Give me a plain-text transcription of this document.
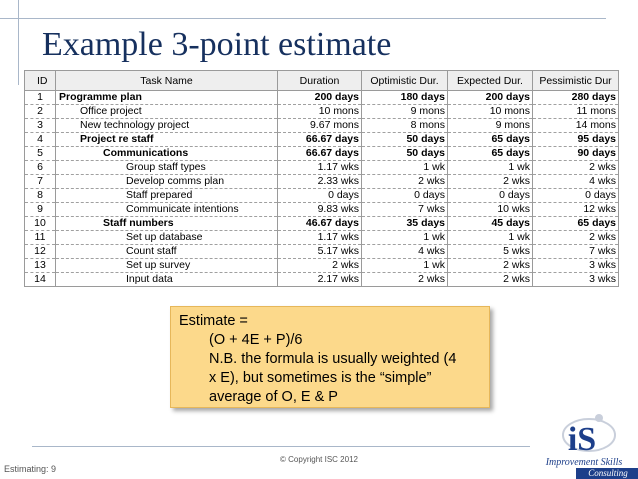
Example 3-point estimate
ID	Task Name	Duration	Optimistic Dur.	Expected Dur.	Pessimistic Dur
1	Programme plan	200 days	180 days	200 days	280 days
2	Office project	10 mons	9 mons	10 mons	11 mons
3	New technology project	9.67 mons	8 mons	9 mons	14 mons
4	Project re staff	66.67 days	50 days	65 days	95 days
5	Communications	66.67 days	50 days	65 days	90 days
6	Group staff types	1.17 wks	1 wk	1 wk	2 wks
7	Develop comms plan	2.33 wks	2 wks	2 wks	4 wks
8	Staff prepared	0 days	0 days	0 days	0 days
9	Communicate intentions	9.83 wks	7 wks	10 wks	12 wks
10	Staff numbers	46.67 days	35 days	45 days	65 days
11	Set up database	1.17 wks	1 wk	1 wk	2 wks
12	Count staff	5.17 wks	4 wks	5 wks	7 wks
13	Set up survey	2 wks	1 wk	2 wks	3 wks
14	Input data	2.17 wks	2 wks	2 wks	3 wks
Estimate =
(O + 4E + P)/6
N.B. the formula is usually weighted (4
x E), but sometimes is the “simple”
average of O, E & P
© Copyright ISC 2012
Estimating: 9
iS
Improvement Skills
Consulting
